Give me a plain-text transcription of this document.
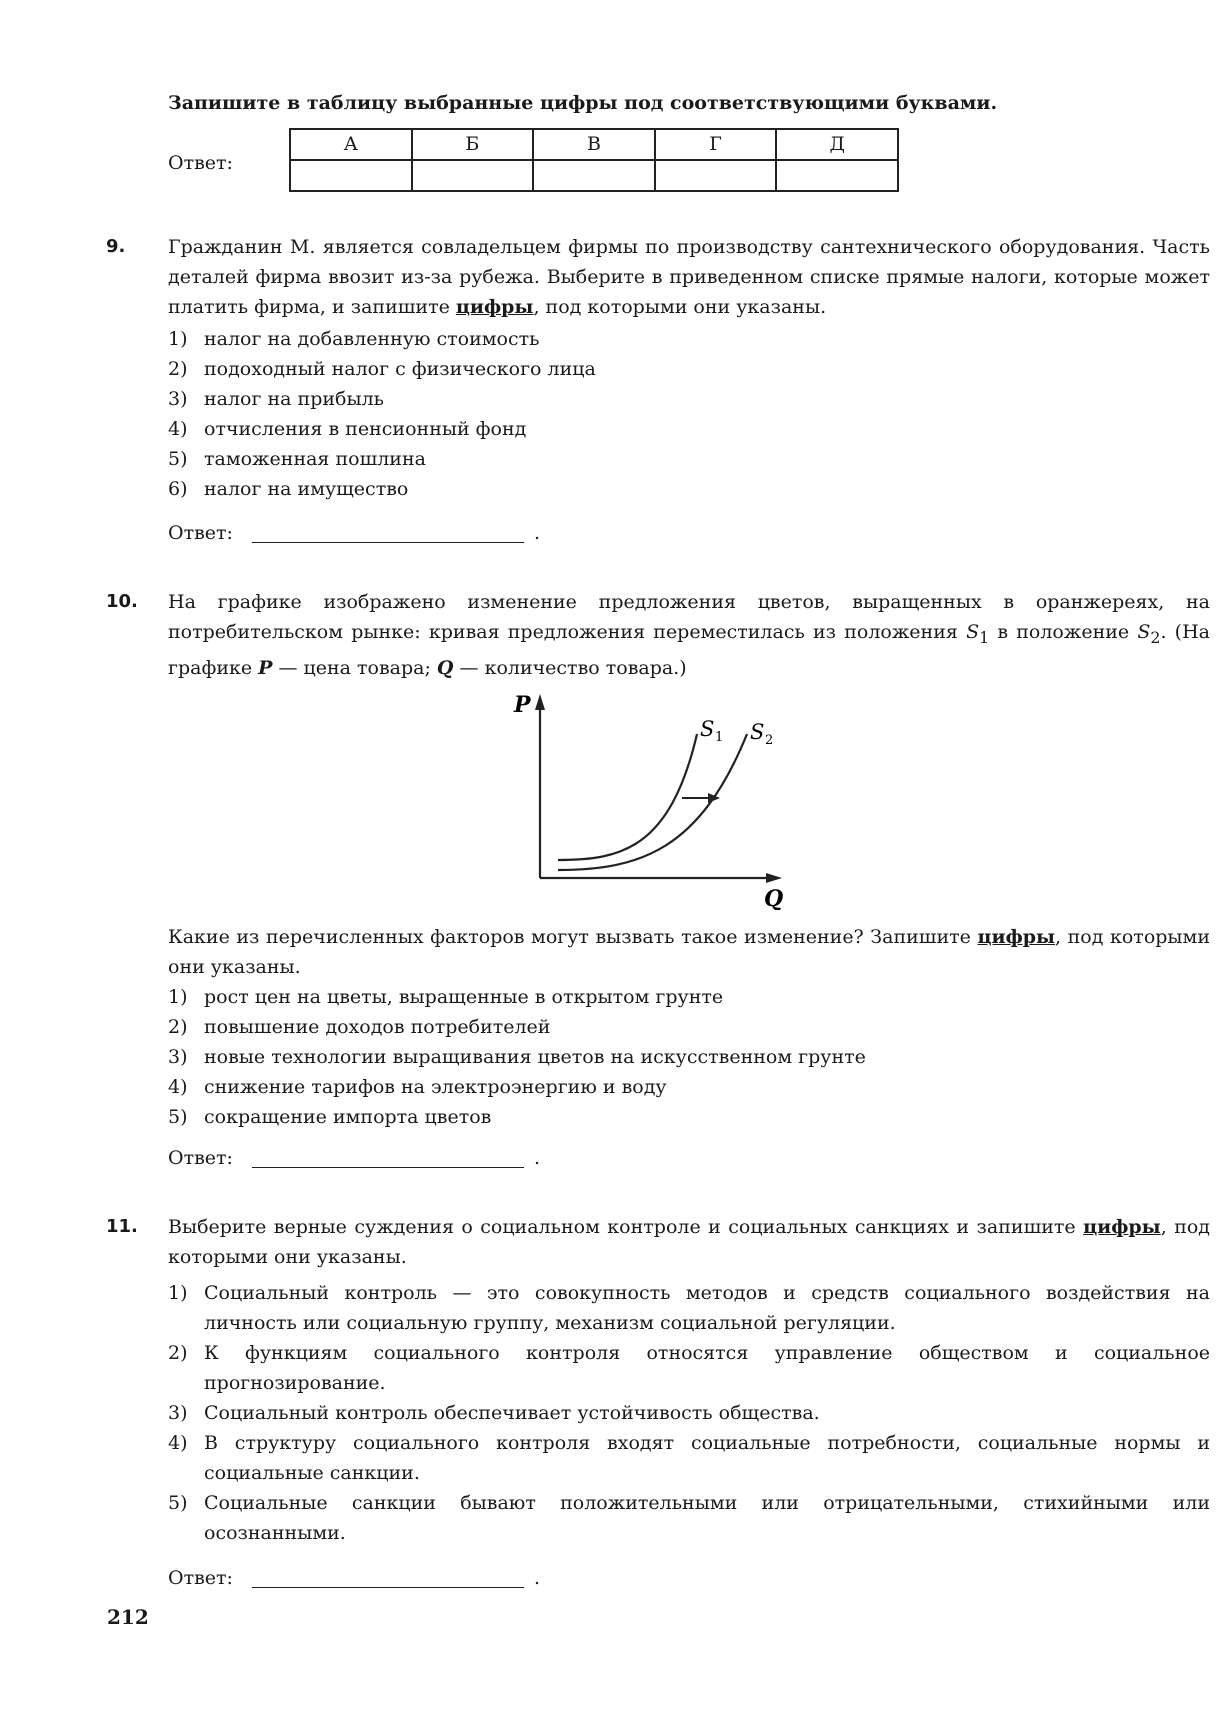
Запишите в таблицу выбранные цифры под соответствующими буквами.
Ответ:
А	Б	В	Г	Д

9. Гражданин М. является совладельцем фирмы по производству сантехнического оборудования. Часть деталей фирма ввозит из-за рубежа. Выберите в приведенном списке прямые налоги, которые может платить фирма, и запишите цифры, под которыми они указаны.
1) налог на добавленную стоимость
2) подоходный налог с физического лица
3) налог на прибыль
4) отчисления в пенсионный фонд
5) таможенная пошлина
6) налог на имущество
Ответ:	.
10. На графике изображено изменение предложения цветов, выращенных в оранжереях, на потребительском рынке: кривая предложения переместилась из положения $S_1$ в положение $S_2$. (На графике P — цена товара; Q — количество товара.)
P
Q
S 1 S 2
Какие из перечисленных факторов могут вызвать такое изменение? Запишите цифры, под которыми они указаны.
1) рост цен на цветы, выращенные в открытом грунте
2) повышение доходов потребителей
3) новые технологии выращивания цветов на искусственном грунте
4) снижение тарифов на электроэнергию и воду
5) сокращение импорта цветов
Ответ:	.
11. Выберите верные суждения о социальном контроле и социальных санкциях и запишите цифры, под которыми они указаны.
1) Социальный контроль — это совокупность методов и средств социального воздействия на личность или социальную группу, механизм социальной регуляции.
2) К функциям социального контроля относятся управление обществом и социальное прогнозирование.
3) Социальный контроль обеспечивает устойчивость общества.
4) В структуру социального контроля входят социальные потребности, социальные нормы и социальные санкции.
5) Социальные санкции бывают положительными или отрицательными, стихийными или осознанными.
Ответ:	.
212
